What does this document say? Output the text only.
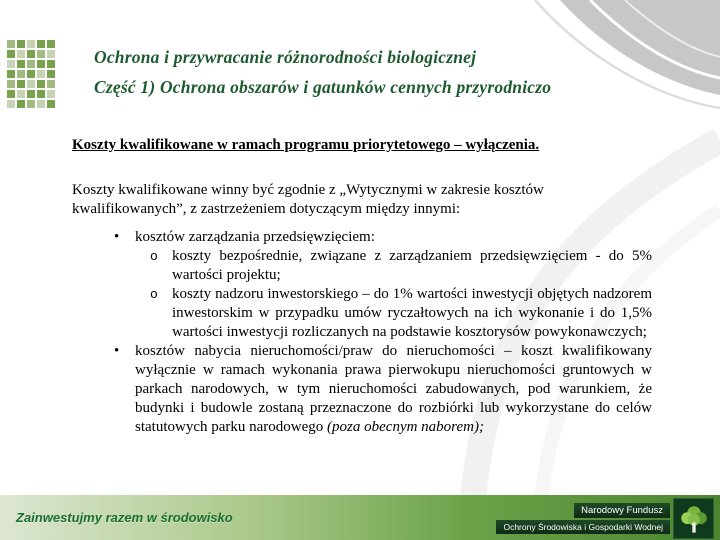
Ochrona i przywracanie różnorodności biologicznej
Część 1) Ochrona obszarów i gatunków cennych przyrodniczo

Koszty kwalifikowane w ramach programu priorytetowego – wyłączenia.

Koszty kwalifikowane winny być zgodnie z „Wytycznymi w zakresie kosztów kwalifikowanych”, z zastrzeżeniem dotyczącym między innymi:

•	kosztów zarządzania przedsięwzięciem:
o koszty bezpośrednie, związane z zarządzaniem przedsięwzięciem - do 5% wartości projektu;
o koszty nadzoru inwestorskiego – do 1% wartości inwestycji objętych nadzorem inwestorskim w przypadku umów ryczałtowych na ich wykonanie i do 1,5% wartości inwestycji rozliczanych na podstawie kosztorysów powykonawczych;
•	kosztów nabycia nieruchomości/praw do nieruchomości – koszt kwalifikowany wyłącznie w ramach wykonania prawa pierwokupu nieruchomości gruntowych w parkach narodowych, w tym nieruchomości zabudowanych, pod warunkiem, że budynki i budowle zostaną przeznaczone do rozbiórki lub wykorzystane do celów statutowych parku narodowego (poza obecnym naborem);
Zainwestujmy razem w środowisko	Narodowy Fundusz
Ochrony Środowiska i Gospodarki Wodnej
